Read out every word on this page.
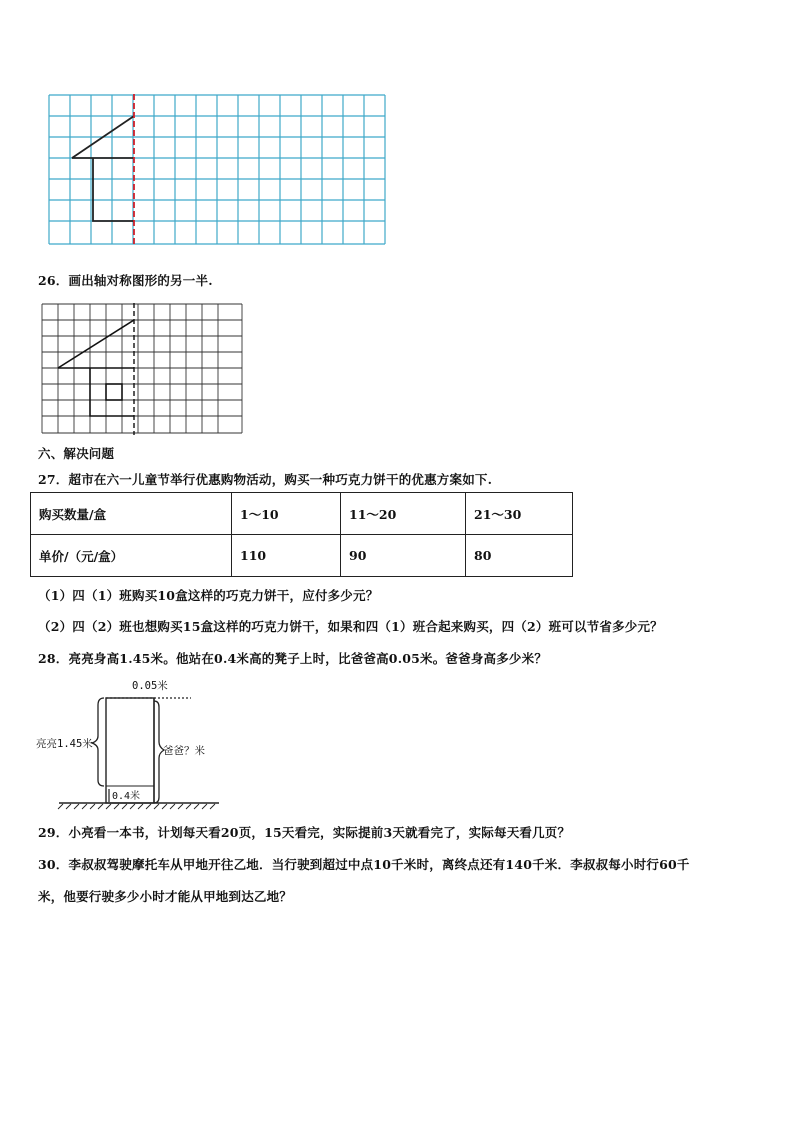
26．画出轴对称图形的另一半.
六、解决问题
27．超市在六一儿童节举行优惠购物活动，购买一种巧克力饼干的优惠方案如下.
购买数量/盒	1～10	11～20	21～30
单价/（元/盒）	110	90	80
（1）四（1）班购买10盒这样的巧克力饼干，应付多少元？
（2）四（2）班也想购买15盒这样的巧克力饼干，如果和四（1）班合起来购买，四（2）班可以节省多少元？
28．亮亮身高1.45米。他站在0.4米高的凳子上时，比爸爸高0.05米。爸爸身高多少米？
0.05米
亮亮1.45米
爸爸？米
0.4米
29．小亮看一本书，计划每天看20页，15天看完，实际提前3天就看完了，实际每天看几页？
30．李叔叔驾驶摩托车从甲地开往乙地．当行驶到超过中点10千米时，离终点还有140千米．李叔叔每小时行60千
米，他要行驶多少小时才能从甲地到达乙地？
